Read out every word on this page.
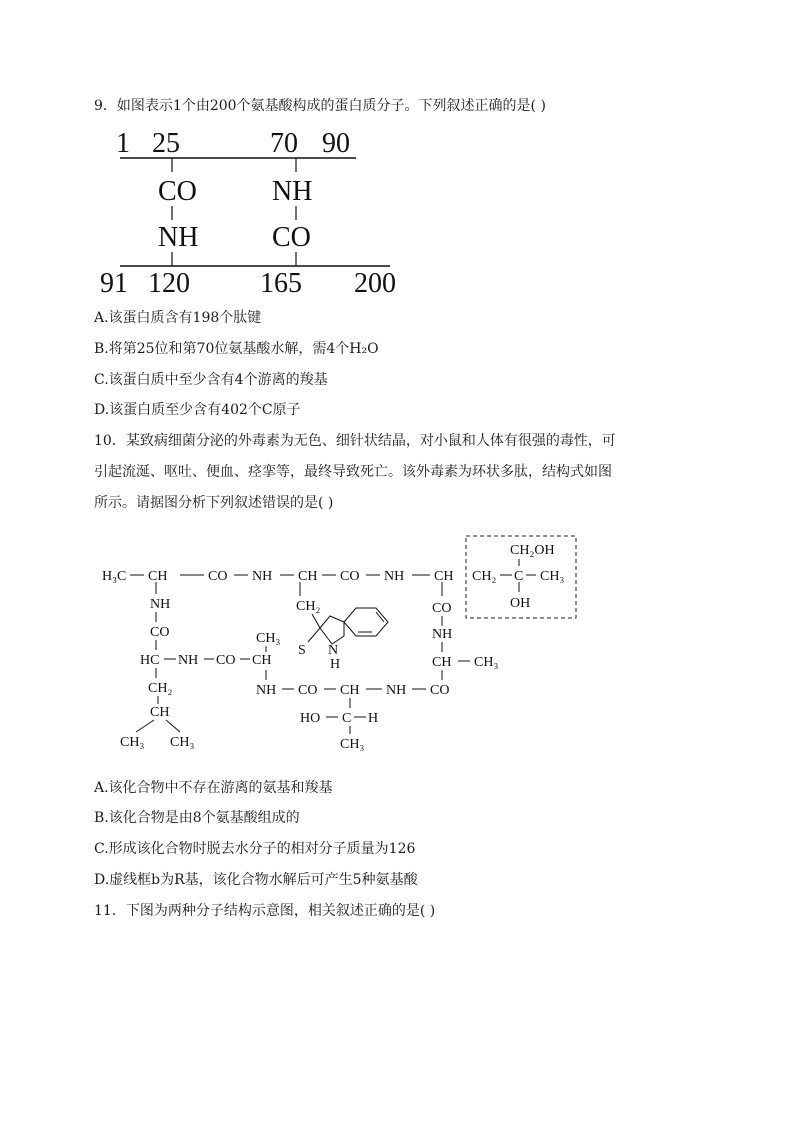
9．如图表示1个由200个氨基酸构成的蛋白质分子。下列叙述正确的是( )
1 25	70 90
CO	NH
NH	CO
91 120	165 200
A.该蛋白质含有198个肽键
B.将第25位和第70位氨基酸水解，需4个H₂O
C.该蛋白质中至少含有4个游离的羧基
D.该蛋白质至少含有402个C原子
10．某致病细菌分泌的外毒素为无色、细针状结晶，对小鼠和人体有很强的毒性，可
引起流涎、呕吐、便血、痉挛等，最终导致死亡。该外毒素为环状多肽，结构式如图
所示。请据图分析下列叙述错误的是( )
H₃C CH	CO NH CH CO NH CH CH₂ C CH₃
CH₂OH
OH
NH
CO
HC NH CO CH
CH₂
CH
CH₃ CH₃
CH₃
CH₂
S N
H
NH CO CH NH CO
HO C H
CH₃
CO
NH
CH CH₃
A.该化合物中不存在游离的氨基和羧基
B.该化合物是由8个氨基酸组成的
C.形成该化合物时脱去水分子的相对分子质量为126
D.虚线框b为R基，该化合物水解后可产生5种氨基酸
11．下图为两种分子结构示意图，相关叙述正确的是( )
